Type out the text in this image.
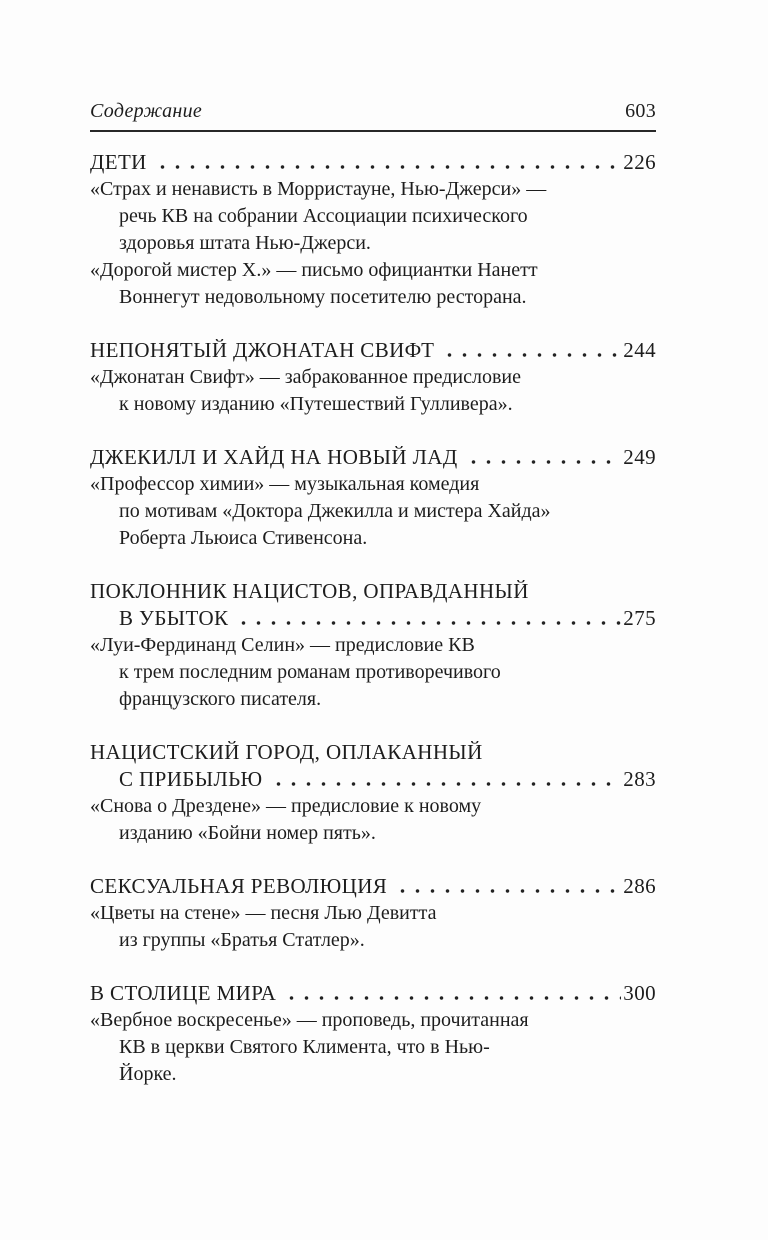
Содержание	603
ДЕТИ	226
«Страх и ненависть в Морристауне, Нью-Джерси» —
речь КВ на собрании Ассоциации психического
здоровья штата Нью-Джерси.
«Дорогой мистер Х.» — письмо официантки Нанетт
Воннегут недовольному посетителю ресторана.
НЕПОНЯТЫЙ ДЖОНАТАН СВИФТ	244
«Джонатан Свифт» — забракованное предисловие
к новому изданию «Путешествий Гулливера».
ДЖЕКИЛЛ И ХАЙД НА НОВЫЙ ЛАД	249
«Профессор химии» — музыкальная комедия
по мотивам «Доктора Джекилла и мистера Хайда»
Роберта Льюиса Стивенсона.
ПОКЛОННИК НАЦИСТОВ, ОПРАВДАННЫЙ
В УБЫТОК	275
«Луи-Фердинанд Селин» — предисловие КВ
к трем последним романам противоречивого
французского писателя.
НАЦИСТСКИЙ ГОРОД, ОПЛАКАННЫЙ
С ПРИБЫЛЬЮ	283
«Снова о Дрездене» — предисловие к новому
изданию «Бойни номер пять».
СЕКСУАЛЬНАЯ РЕВОЛЮЦИЯ	286
«Цветы на стене» — песня Лью Девитта
из группы «Братья Статлер».
В СТОЛИЦЕ МИРА	300
«Вербное воскресенье» — проповедь, прочитанная
КВ в церкви Святого Климента, что в Нью-
Йорке.
